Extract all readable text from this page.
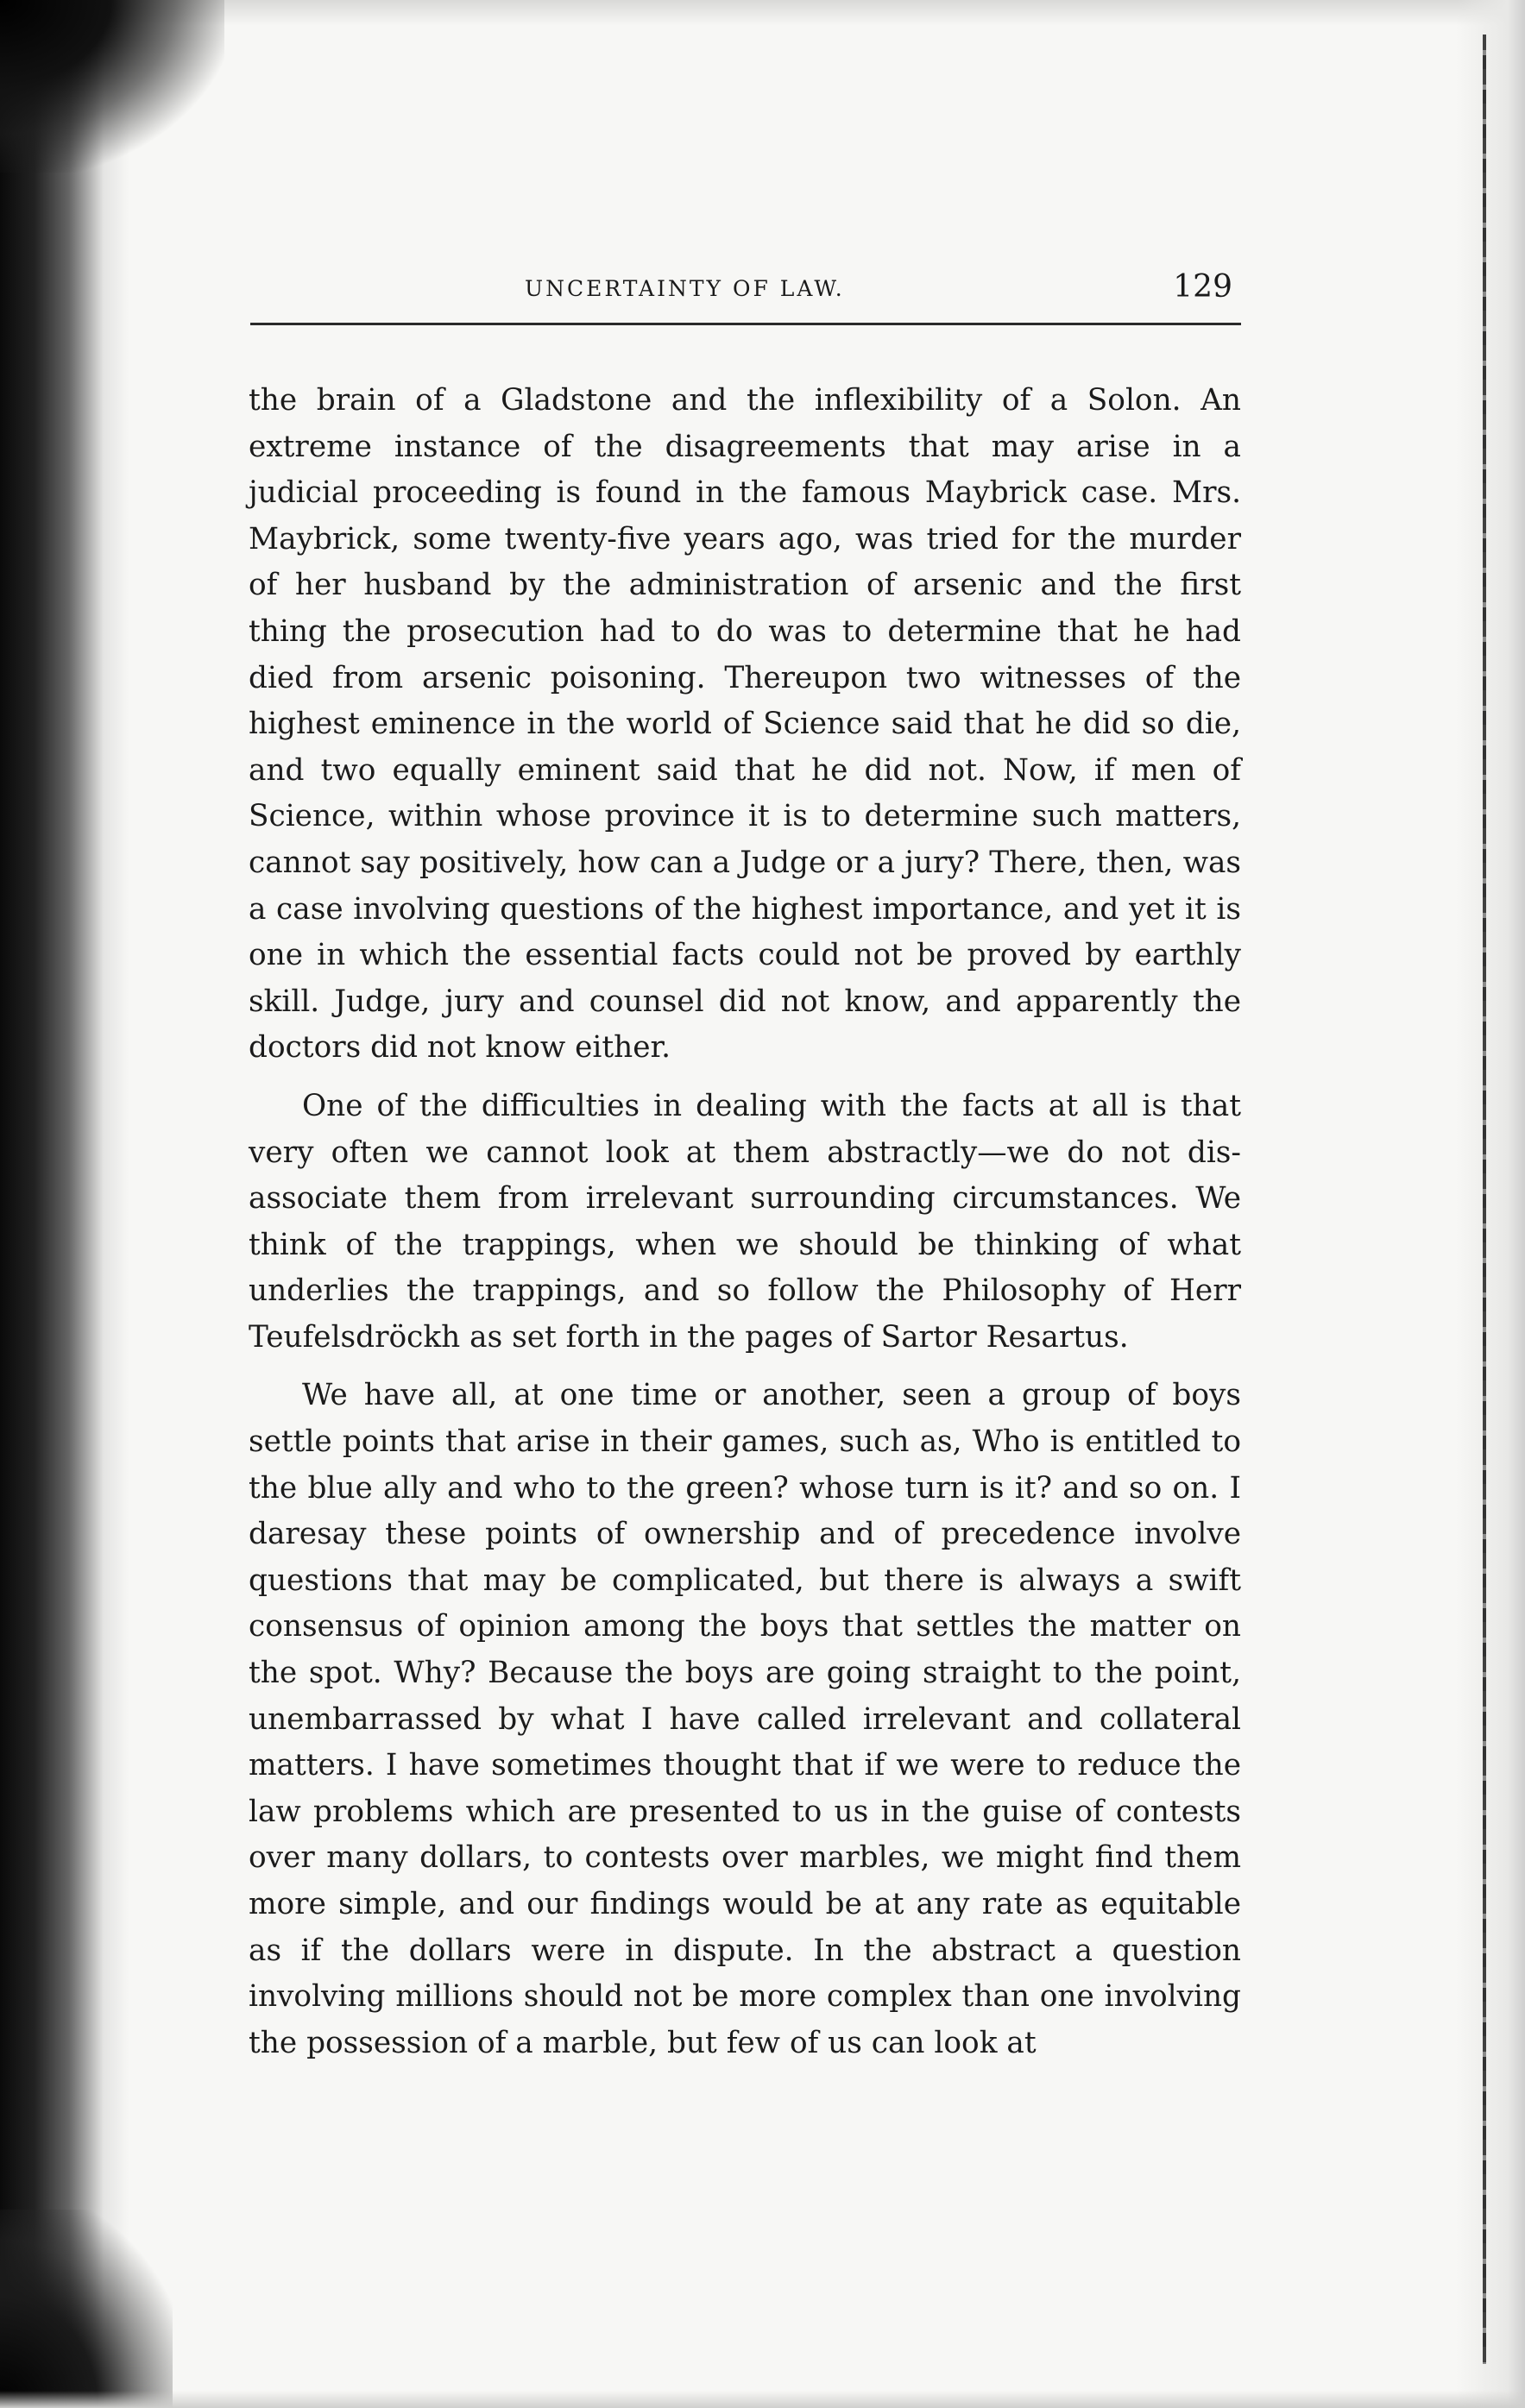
UNCERTAINTY OF LAW.	129

the brain of a Gladstone and the inflexibility of a Solon. An extreme instance of the disagreements that may arise in a judicial proceeding is found in the famous Maybrick case. Mrs. Maybrick, some twenty-five years ago, was tried for the murder of her husband by the administration of arsenic and the first thing the prosecution had to do was to determine that he had died from arsenic poisoning. Thereupon two witnesses of the highest eminence in the world of Science said that he did so die, and two equally eminent said that he did not. Now, if men of Science, within whose province it is to determine such matters, cannot say positively, how can a Judge or a jury? There, then, was a case involving questions of the highest importance, and yet it is one in which the essential facts could not be proved by earthly skill. Judge, jury and counsel did not know, and apparently the doctors did not know either.

One of the difficulties in dealing with the facts at all is that very often we cannot look at them abstractly—we do not dis-associate them from irrelevant surrounding circumstances. We think of the trappings, when we should be thinking of what underlies the trappings, and so follow the Philosophy of Herr Teufelsdröckh as set forth in the pages of Sartor Resartus.

We have all, at one time or another, seen a group of boys settle points that arise in their games, such as, Who is entitled to the blue ally and who to the green? whose turn is it? and so on. I daresay these points of ownership and of precedence involve questions that may be complicated, but there is always a swift consensus of opinion among the boys that settles the matter on the spot. Why? Because the boys are going straight to the point, unembarrassed by what I have called irrelevant and collateral matters. I have sometimes thought that if we were to reduce the law problems which are presented to us in the guise of contests over many dollars, to contests over marbles, we might find them more simple, and our findings would be at any rate as equitable as if the dollars were in dispute. In the abstract a question involving millions should not be more complex than one involving the possession of a marble, but few of us can look at
